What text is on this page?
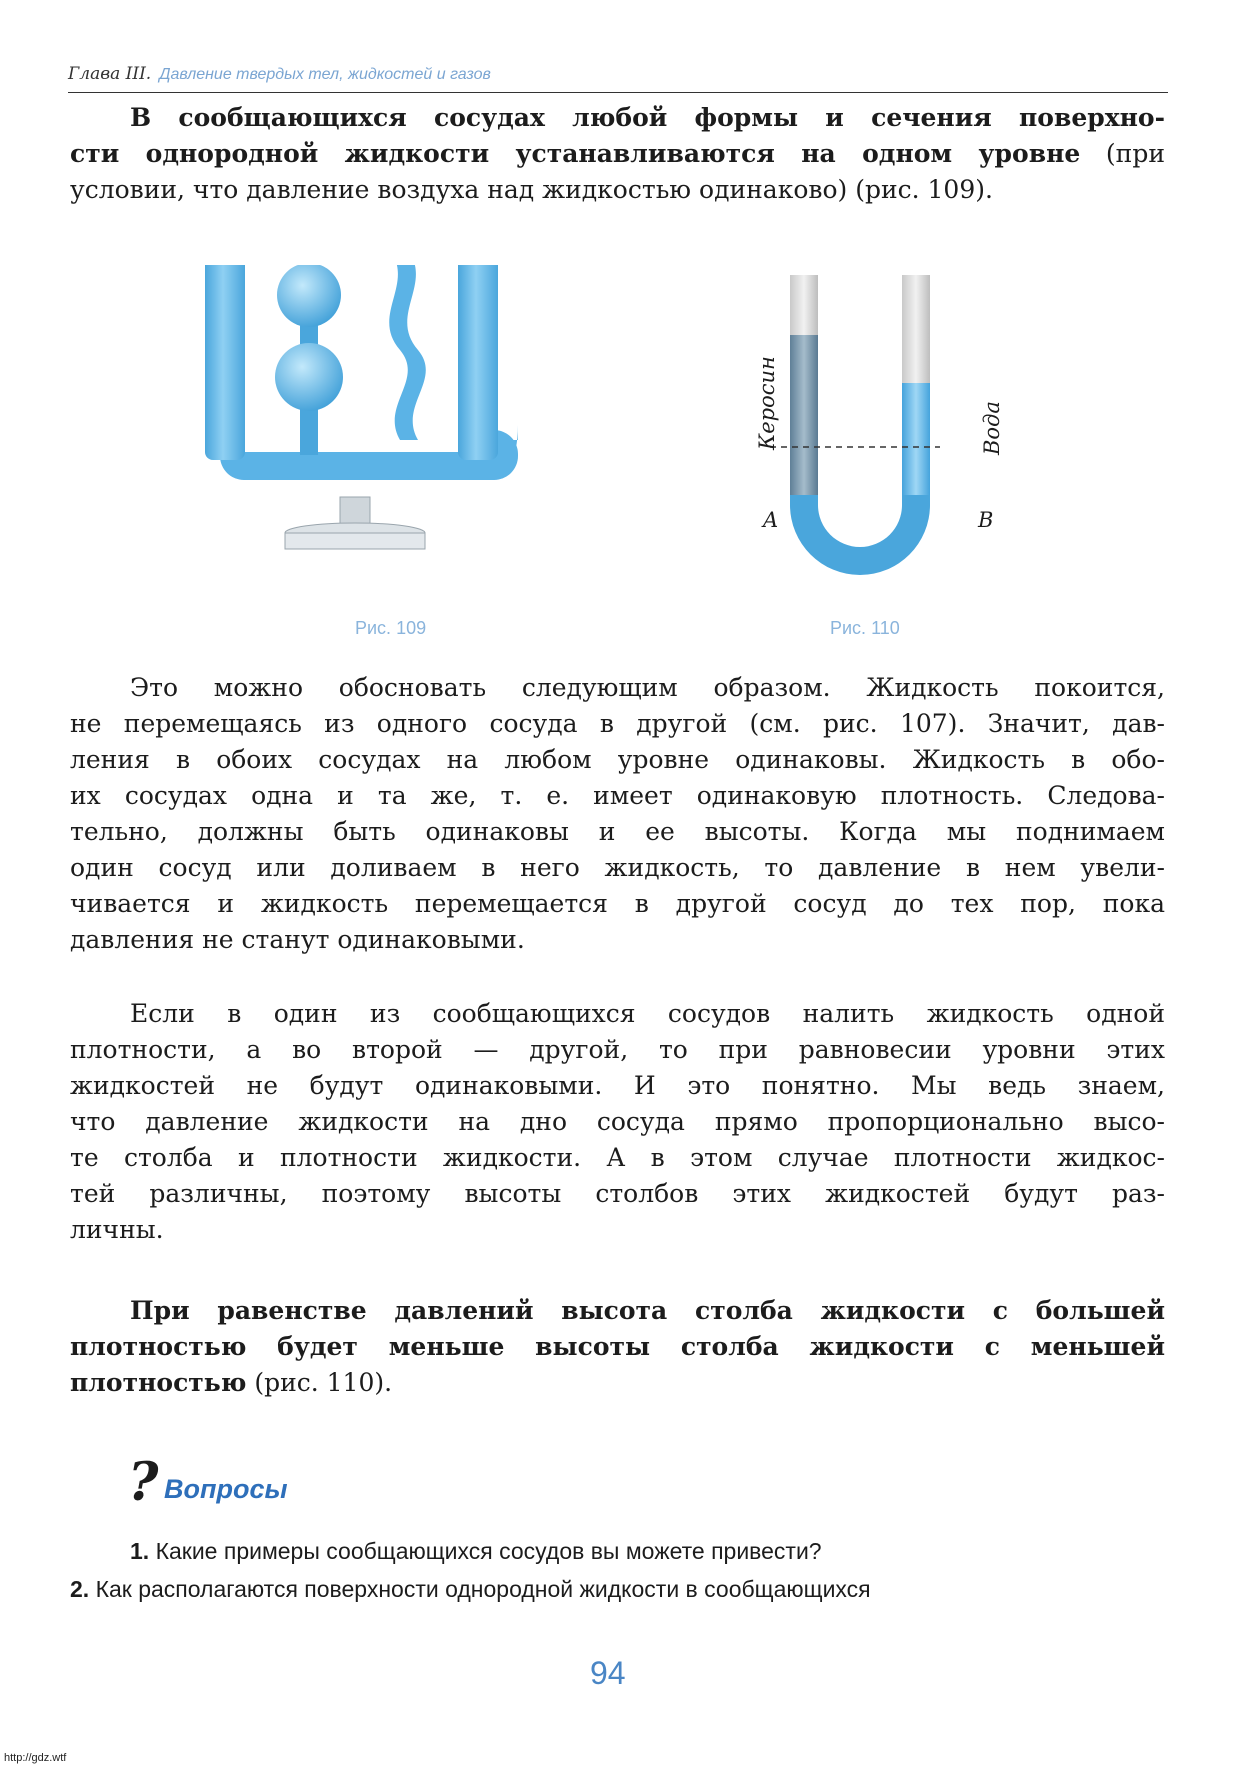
Глава III. Давление твердых тел, жидкостей и газов

В сообщающихся сосудах любой формы и сечения поверхно-

сти однородной жидкости устанавливаются на одном уровне (при

условии, что давление воздуха над жидкостью одинаково) (рис. 109).

Рис. 109
Керосин	Вода
A	B
Рис. 110

Это можно обосновать следующим образом. Жидкость покоится,

не перемещаясь из одного сосуда в другой (см. рис. 107). Значит, дав-

ления в обоих сосудах на любом уровне одинаковы. Жидкость в обо-

их сосудах одна и та же, т. е. имеет одинаковую плотность. Следова-

тельно, должны быть одинаковы и ее высоты. Когда мы поднимаем

один сосуд или доливаем в него жидкость, то давление в нем увели-

чивается и жидкость перемещается в другой сосуд до тех пор, пока

давления не станут одинаковыми.

Если в один из сообщающихся сосудов налить жидкость одной

плотности, а во второй — другой, то при равновесии уровни этих

жидкостей не будут одинаковыми. И это понятно. Мы ведь знаем,

что давление жидкости на дно сосуда прямо пропорционально высо-

те столба и плотности жидкости. А в этом случае плотности жидкос-

тей различны, поэтому высоты столбов этих жидкостей будут раз-

личны.

При равенстве давлений высота столба жидкости с большей

плотностью будет меньше высоты столба жидкости с меньшей

плотностью (рис. 110).

? Вопросы
1. Какие примеры сообщающихся сосудов вы можете привести?
2. Как располагаются поверхности однородной жидкости в сообщающихся
94
http://gdz.wtf
